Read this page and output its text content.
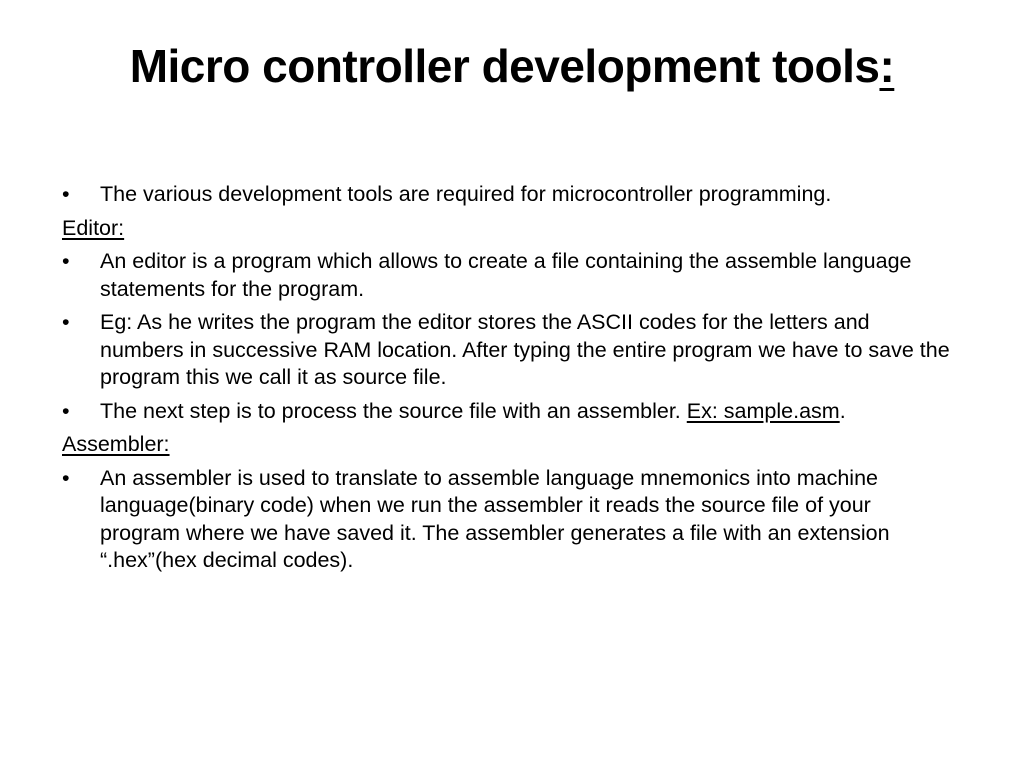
Micro controller development tools:
•	The various development tools are required for microcontroller programming.
Editor:
•	An editor is a program which allows to create a file containing the assemble language statements for the program.
•	Eg: As he writes the program the editor stores the ASCII codes for the letters and numbers in successive RAM location. After typing the entire program we have to save the program this we call it as source file.
•	The next step is to process the source file with an assembler. Ex: sample.asm.
Assembler:
•	An assembler is used to translate to assemble language mnemonics into machine language(binary code) when we run the assembler it reads the source file of your program where we have saved it. The assembler generates a file with an extension “.hex”(hex decimal codes).
